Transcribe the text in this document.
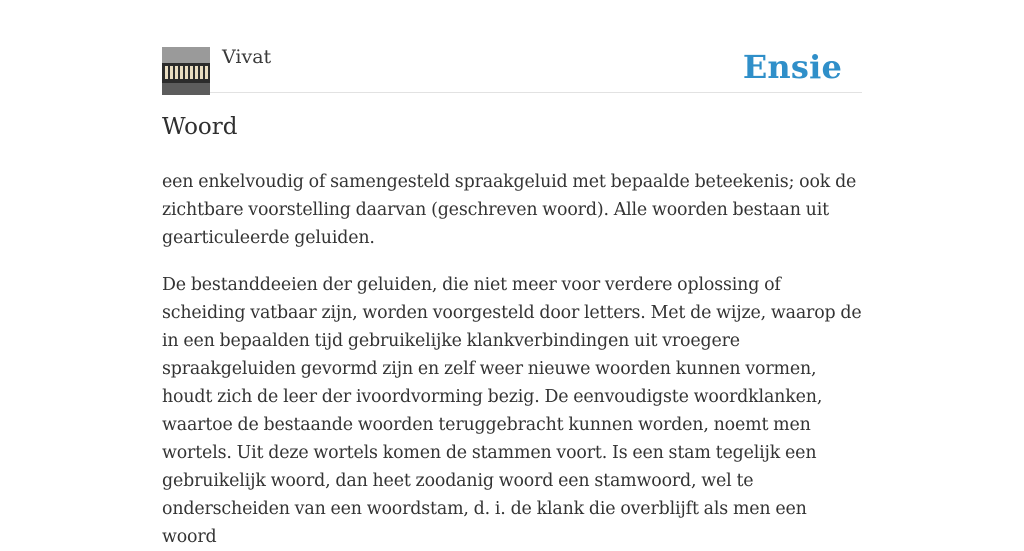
Vivat	Ensie
Woord

een enkelvoudig of samengesteld spraakgeluid met bepaalde beteekenis; ook de zichtbare voorstelling daarvan (geschreven woord). Alle woorden bestaan uit gearticuleerde geluiden.

De bestanddeeien der geluiden, die niet meer voor verdere oplossing of scheiding vatbaar zijn, worden voorgesteld door letters. Met de wijze, waarop de in een bepaalden tijd gebruikelijke klankverbindingen uit vroegere spraakgeluiden gevormd zijn en zelf weer nieuwe woorden kunnen vormen, houdt zich de leer der ivoordvorming bezig. De eenvoudigste woordklanken, waartoe de bestaande woorden teruggebracht kunnen worden, noemt men wortels. Uit deze wortels komen de stammen voort. Is een stam tegelijk een gebruikelijk woord, dan heet zoodanig woord een stamwoord, wel te onderscheiden van een woordstam, d. i. de klank die overblijft als men een woord
